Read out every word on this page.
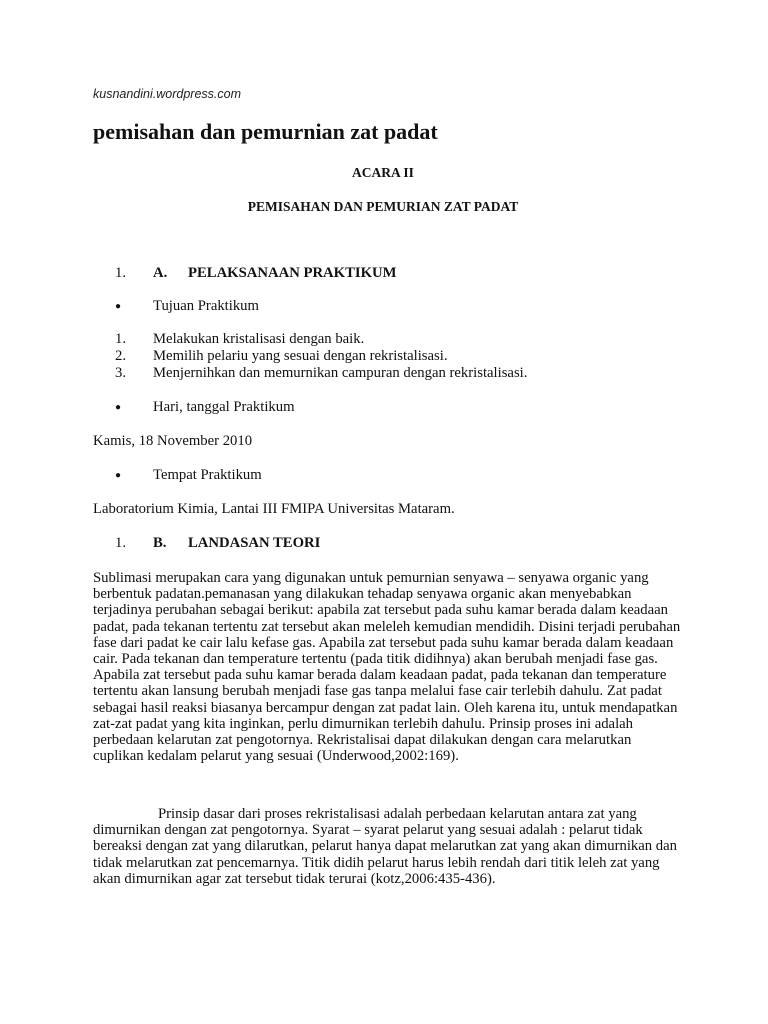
kusnandini.wordpress.com
pemisahan dan pemurnian zat padat
ACARA II
PEMISAHAN DAN PEMURIAN ZAT PADAT
1. A. PELAKSANAAN PRAKTIKUM
● Tujuan Praktikum
1. Melakukan kristalisasi dengan baik.
2. Memilih pelariu yang sesuai dengan rekristalisasi.
3. Menjernihkan dan memurnikan campuran dengan rekristalisasi.
● Hari, tanggal Praktikum
Kamis, 18 November 2010
● Tempat Praktikum
Laboratorium Kimia, Lantai III FMIPA Universitas Mataram.
1. B. LANDASAN TEORI

Sublimasi merupakan cara yang digunakan untuk pemurnian senyawa – senyawa organic yang berbentuk padatan.pemanasan yang dilakukan tehadap senyawa organic akan menyebabkan terjadinya perubahan sebagai berikut: apabila zat tersebut pada suhu kamar berada dalam keadaan padat, pada tekanan tertentu zat tersebut akan meleleh kemudian mendidih. Disini terjadi perubahan fase dari padat ke cair lalu kefase gas. Apabila zat tersebut pada suhu kamar berada dalam keadaan cair. Pada tekanan dan temperature tertentu (pada titik didihnya) akan berubah menjadi fase gas. Apabila zat tersebut pada suhu kamar berada dalam keadaan padat, pada tekanan dan temperature tertentu akan lansung berubah menjadi fase gas tanpa melalui fase cair terlebih dahulu. Zat padat sebagai hasil reaksi biasanya bercampur dengan zat padat lain. Oleh karena itu, untuk mendapatkan zat-zat padat yang kita inginkan, perlu dimurnikan terlebih dahulu. Prinsip proses ini adalah perbedaan kelarutan zat pengotornya. Rekristalisai dapat dilakukan dengan cara melarutkan cuplikan kedalam pelarut yang sesuai (Underwood,2002:169).

Prinsip dasar dari proses rekristalisasi adalah perbedaan kelarutan antara zat yang dimurnikan dengan zat pengotornya. Syarat – syarat pelarut yang sesuai adalah : pelarut tidak bereaksi dengan zat yang dilarutkan, pelarut hanya dapat melarutkan zat yang akan dimurnikan dan tidak melarutkan zat pencemarnya. Titik didih pelarut harus lebih rendah dari titik leleh zat yang akan dimurnikan agar zat tersebut tidak terurai (kotz,2006:435-436).
